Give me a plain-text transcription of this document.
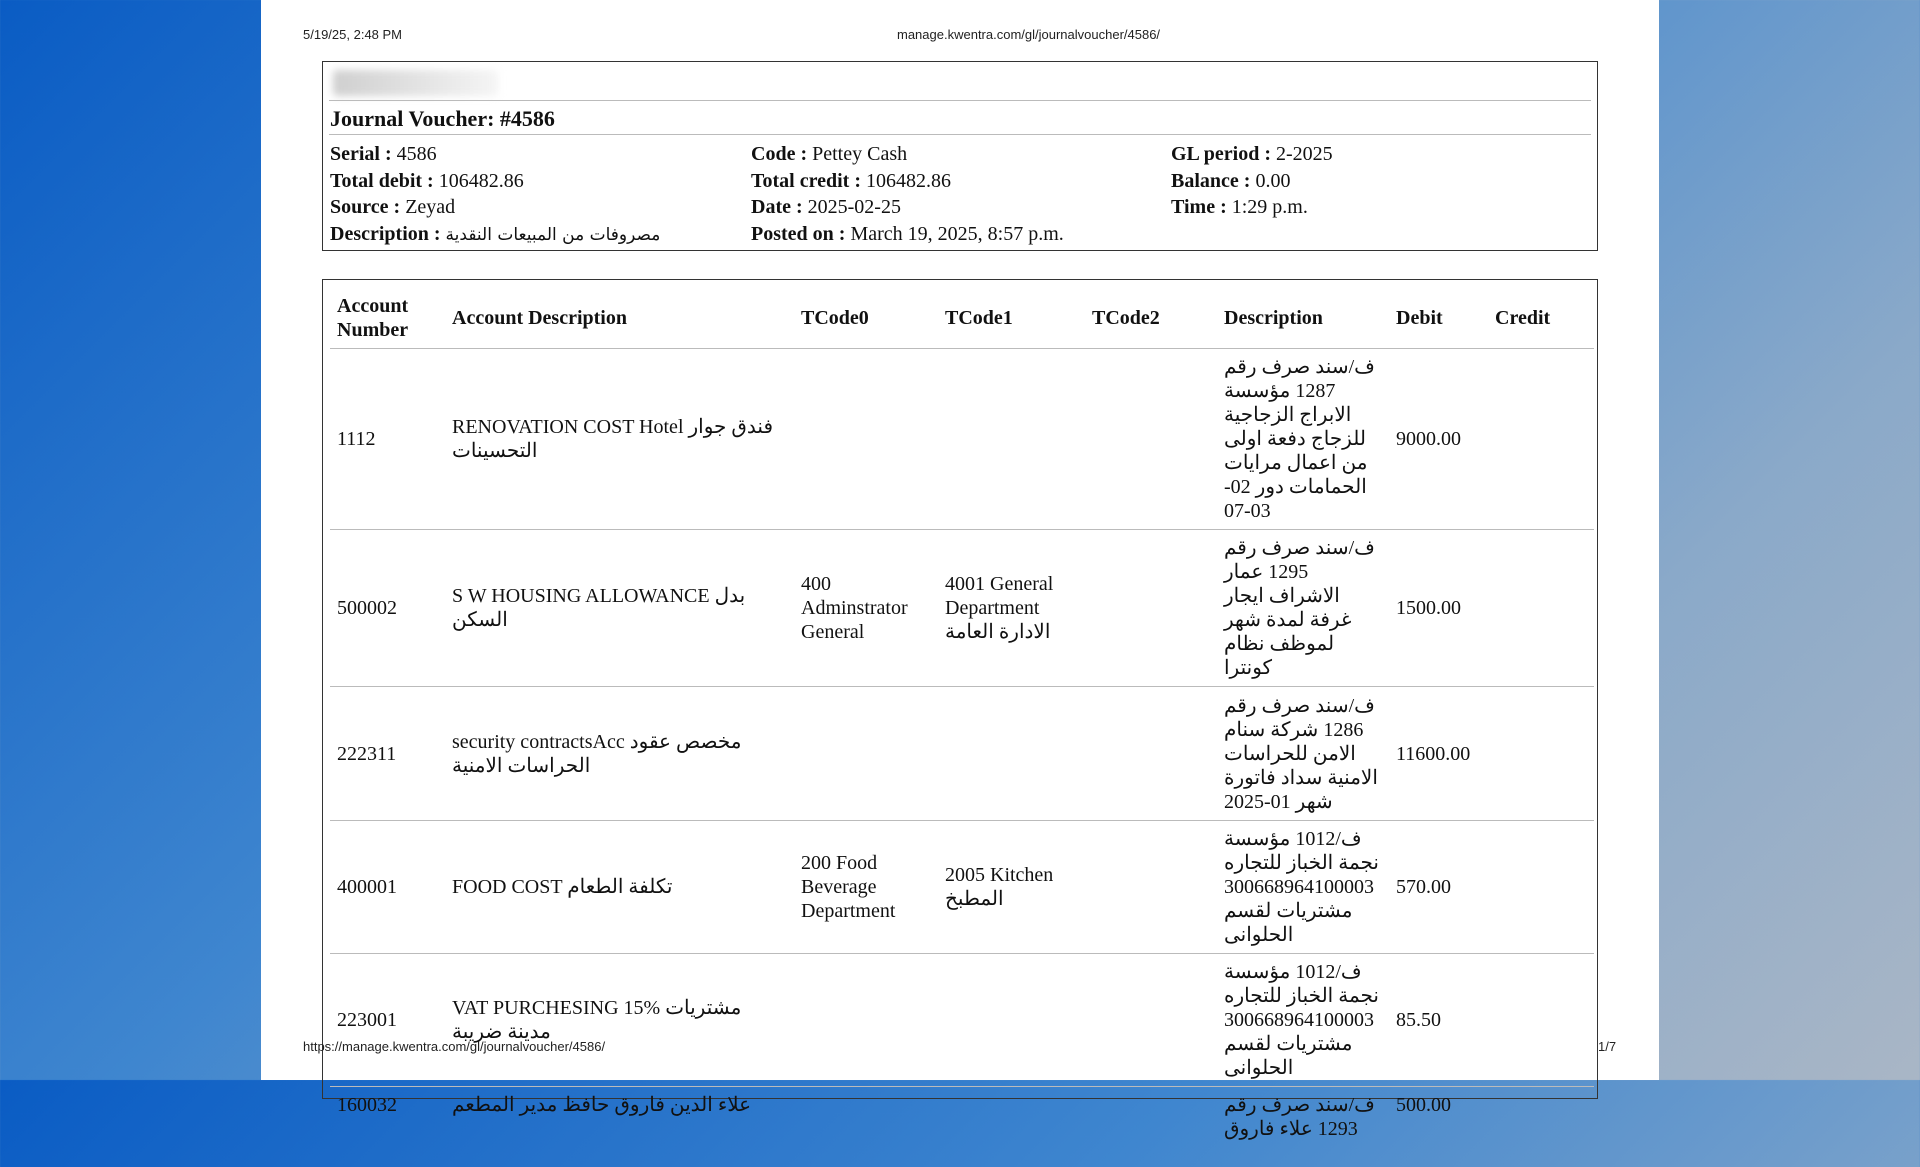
5/19/25, 2:48 PM	manage.kwentra.com/gl/journalvoucher/4586/
Journal Voucher: #4586
Serial : 4586	Code : Pettey Cash	GL period : 2-2025
Total debit : 106482.86	Total credit : 106482.86	Balance : 0.00
Source : Zeyad	Date : 2025-02-25	Time : 1:29 p.m.
Description : مصروفات من المبيعات النقدية	Posted on : March 19, 2025, 8:57 p.m.
Account Number	Account Description	TCode0	TCode1	TCode2	Description	Debit	Credit
1112	RENOVATION COST Hotel فندق جوار التحسينات				ف/سند صرف رقم 1287 مؤسسة الابراج الزجاجية للزجاج دفعة اولى من اعمال مرايات الحمامات دور 02-03-07	9000.00	
500002	S W HOUSING ALLOWANCE بدل السكن	400 Adminstrator General	4001 General Department الادارة العامة		ف/سند صرف رقم 1295 عمار الاشراف ايجار غرفة لمدة شهر لموظف نظام كونترا	1500.00	
222311	security contractsAcc مخصص عقود الحراسات الامنية				ف/سند صرف رقم 1286 شركة سنام الامن للحراسات الامنية سداد فاتورة شهر 01-2025	11600.00	
400001	FOOD COST تكلفة الطعام	200 Food Beverage Department	2005 Kitchen المطبخ		ف/1012 مؤسسة نجمة الخباز للتجاره 300668964100003 مشتريات لقسم الحلوانى	570.00	
223001	VAT PURCHESING 15% مشتريات مدينة ضريبة				ف/1012 مؤسسة نجمة الخباز للتجاره 300668964100003 مشتريات لقسم الحلوانى	85.50	
160032	علاء الدين فاروق حافظ مدير المطعم				ف/سند صرف رقم 1293 علاء فاروق	500.00	
https://manage.kwentra.com/gl/journalvoucher/4586/	1/7
